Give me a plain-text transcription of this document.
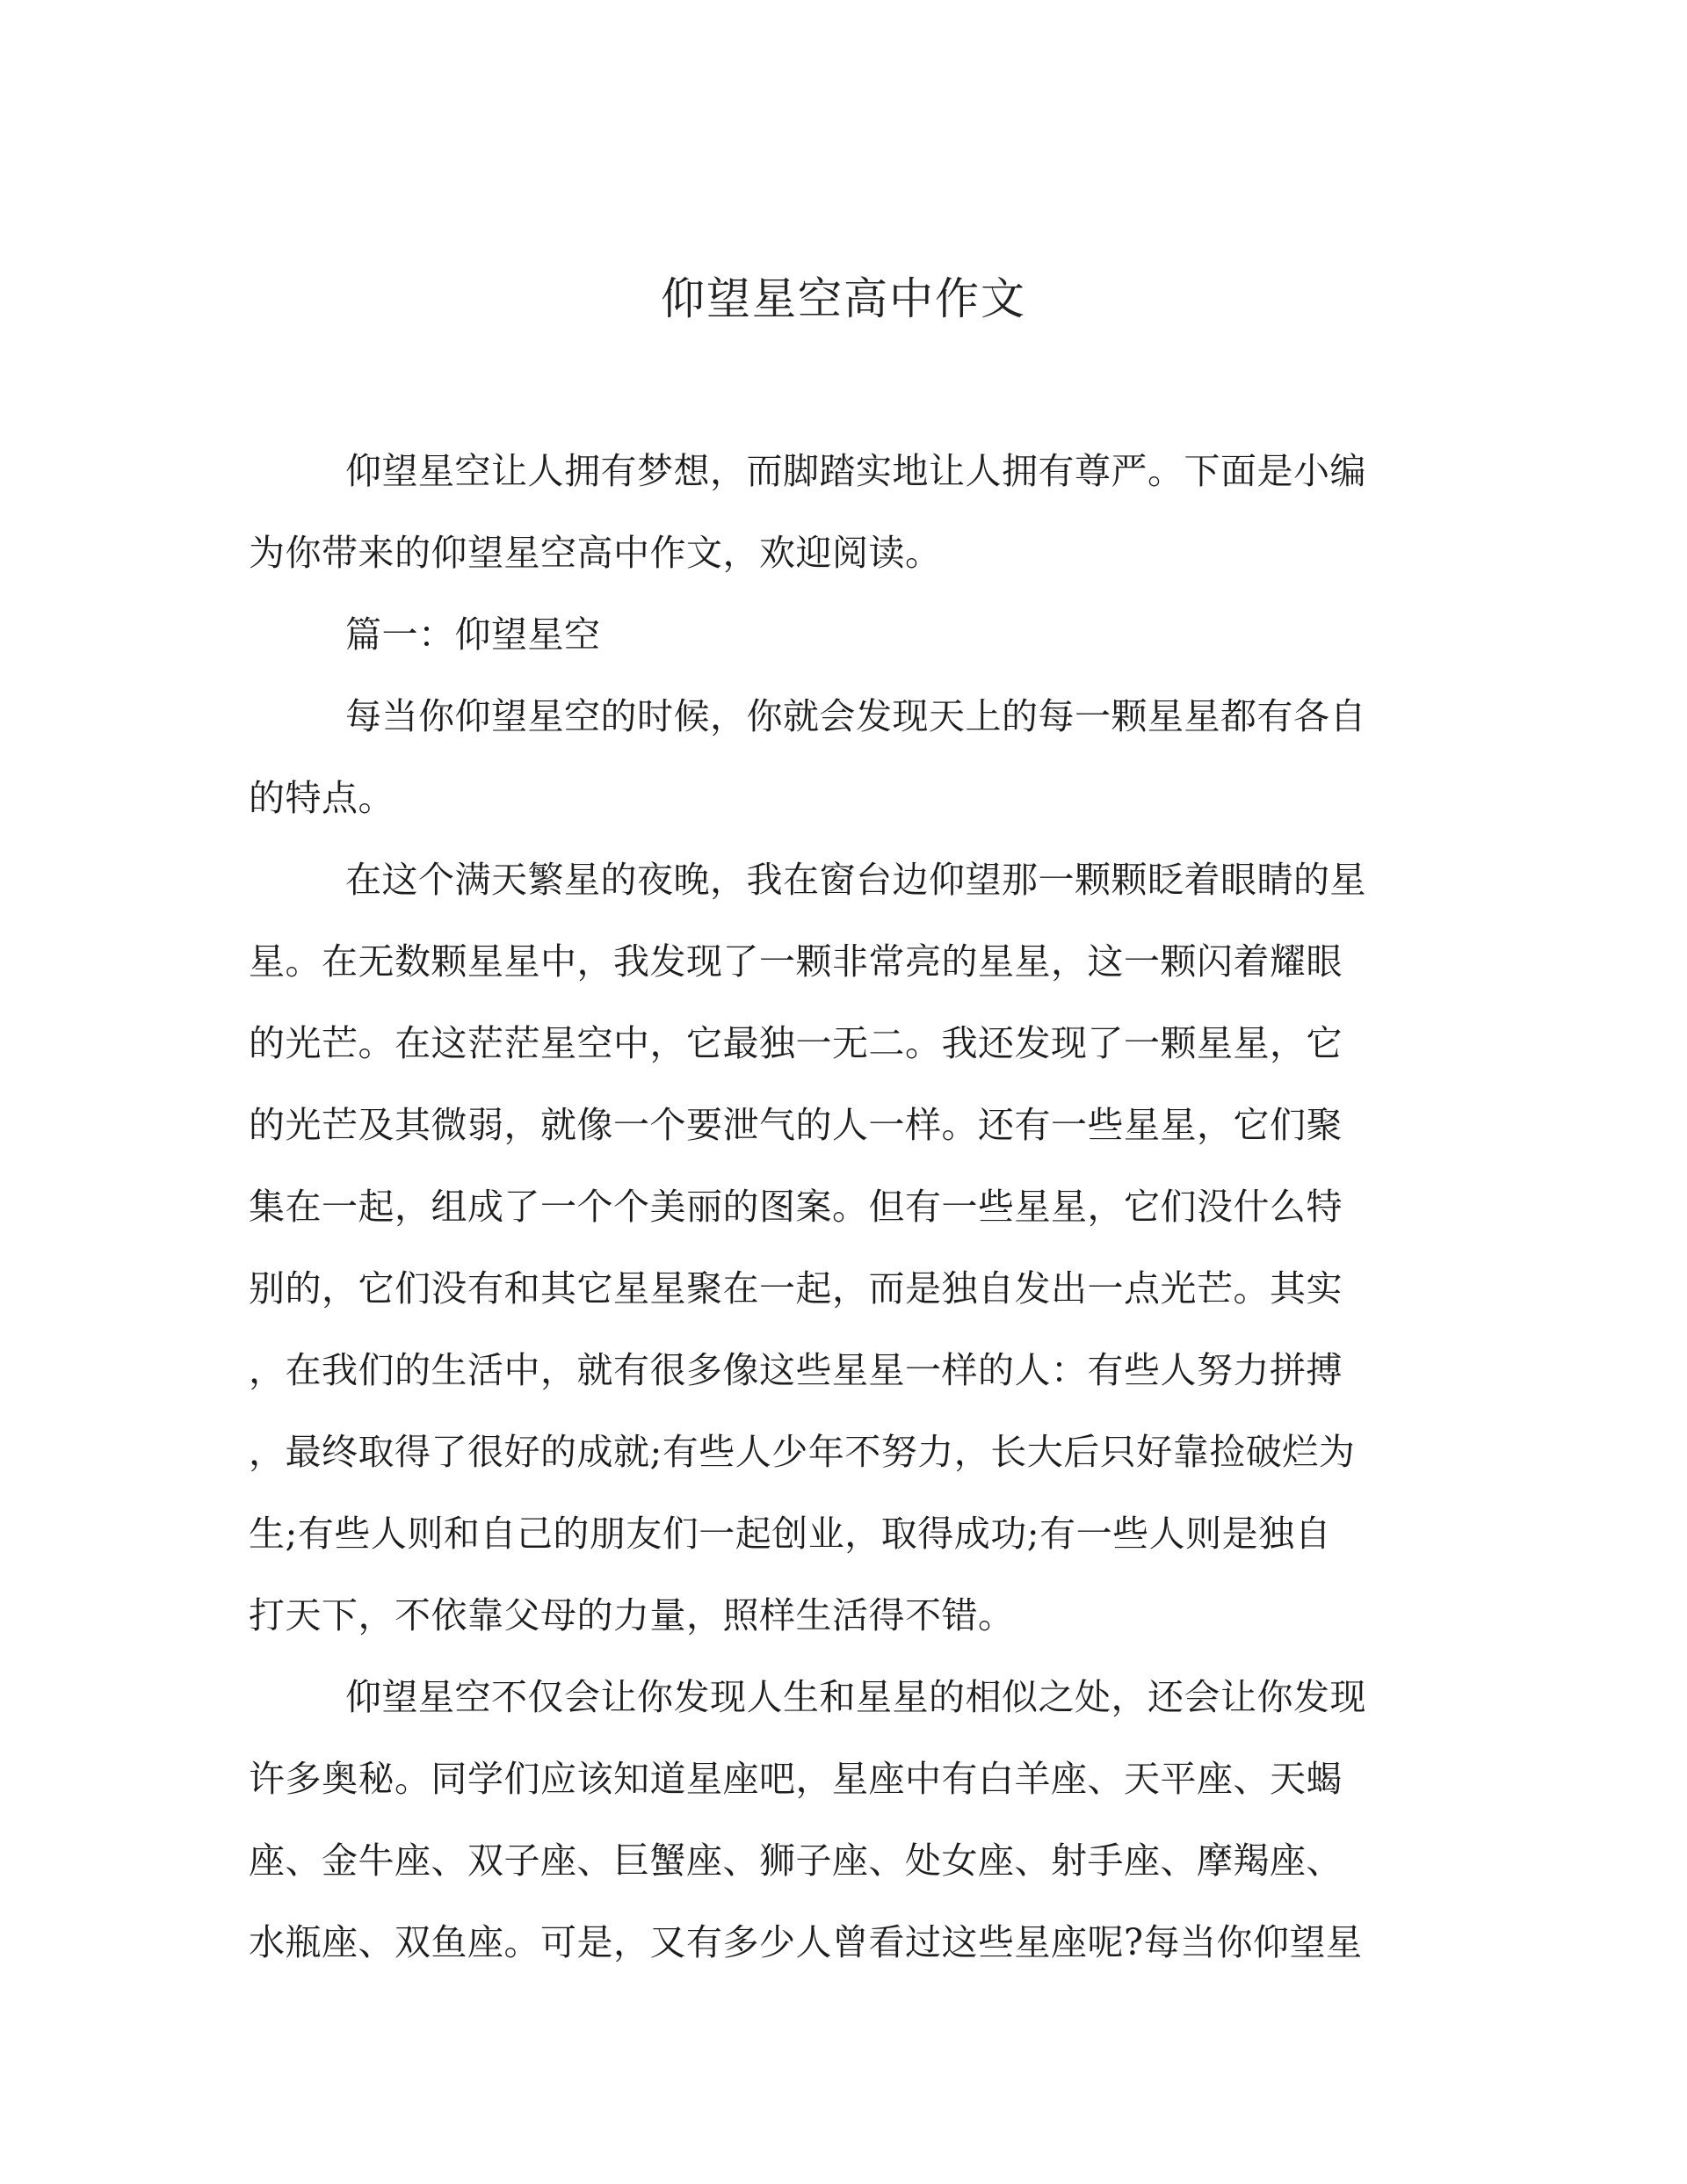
仰望星空高中作文
仰望星空让人拥有梦想，而脚踏实地让人拥有尊严。下面是小编
为你带来的仰望星空高中作文，欢迎阅读。
篇一：仰望星空
每当你仰望星空的时候，你就会发现天上的每一颗星星都有各自
的特点。
在这个满天繁星的夜晚，我在窗台边仰望那一颗颗眨着眼睛的星
星。在无数颗星星中，我发现了一颗非常亮的星星，这一颗闪着耀眼
的光芒。在这茫茫星空中，它最独一无二。我还发现了一颗星星，它
的光芒及其微弱，就像一个要泄气的人一样。还有一些星星，它们聚
集在一起，组成了一个个美丽的图案。但有一些星星，它们没什么特
别的，它们没有和其它星星聚在一起，而是独自发出一点光芒。其实
，在我们的生活中，就有很多像这些星星一样的人：有些人努力拼搏
，最终取得了很好的成就;有些人少年不努力，长大后只好靠捡破烂为
生;有些人则和自己的朋友们一起创业，取得成功;有一些人则是独自
打天下，不依靠父母的力量，照样生活得不错。
仰望星空不仅会让你发现人生和星星的相似之处，还会让你发现
许多奥秘。同学们应该知道星座吧，星座中有白羊座、天平座、天蝎
座、金牛座、双子座、巨蟹座、狮子座、处女座、射手座、摩羯座、
水瓶座、双鱼座。可是，又有多少人曾看过这些星座呢?每当你仰望星
